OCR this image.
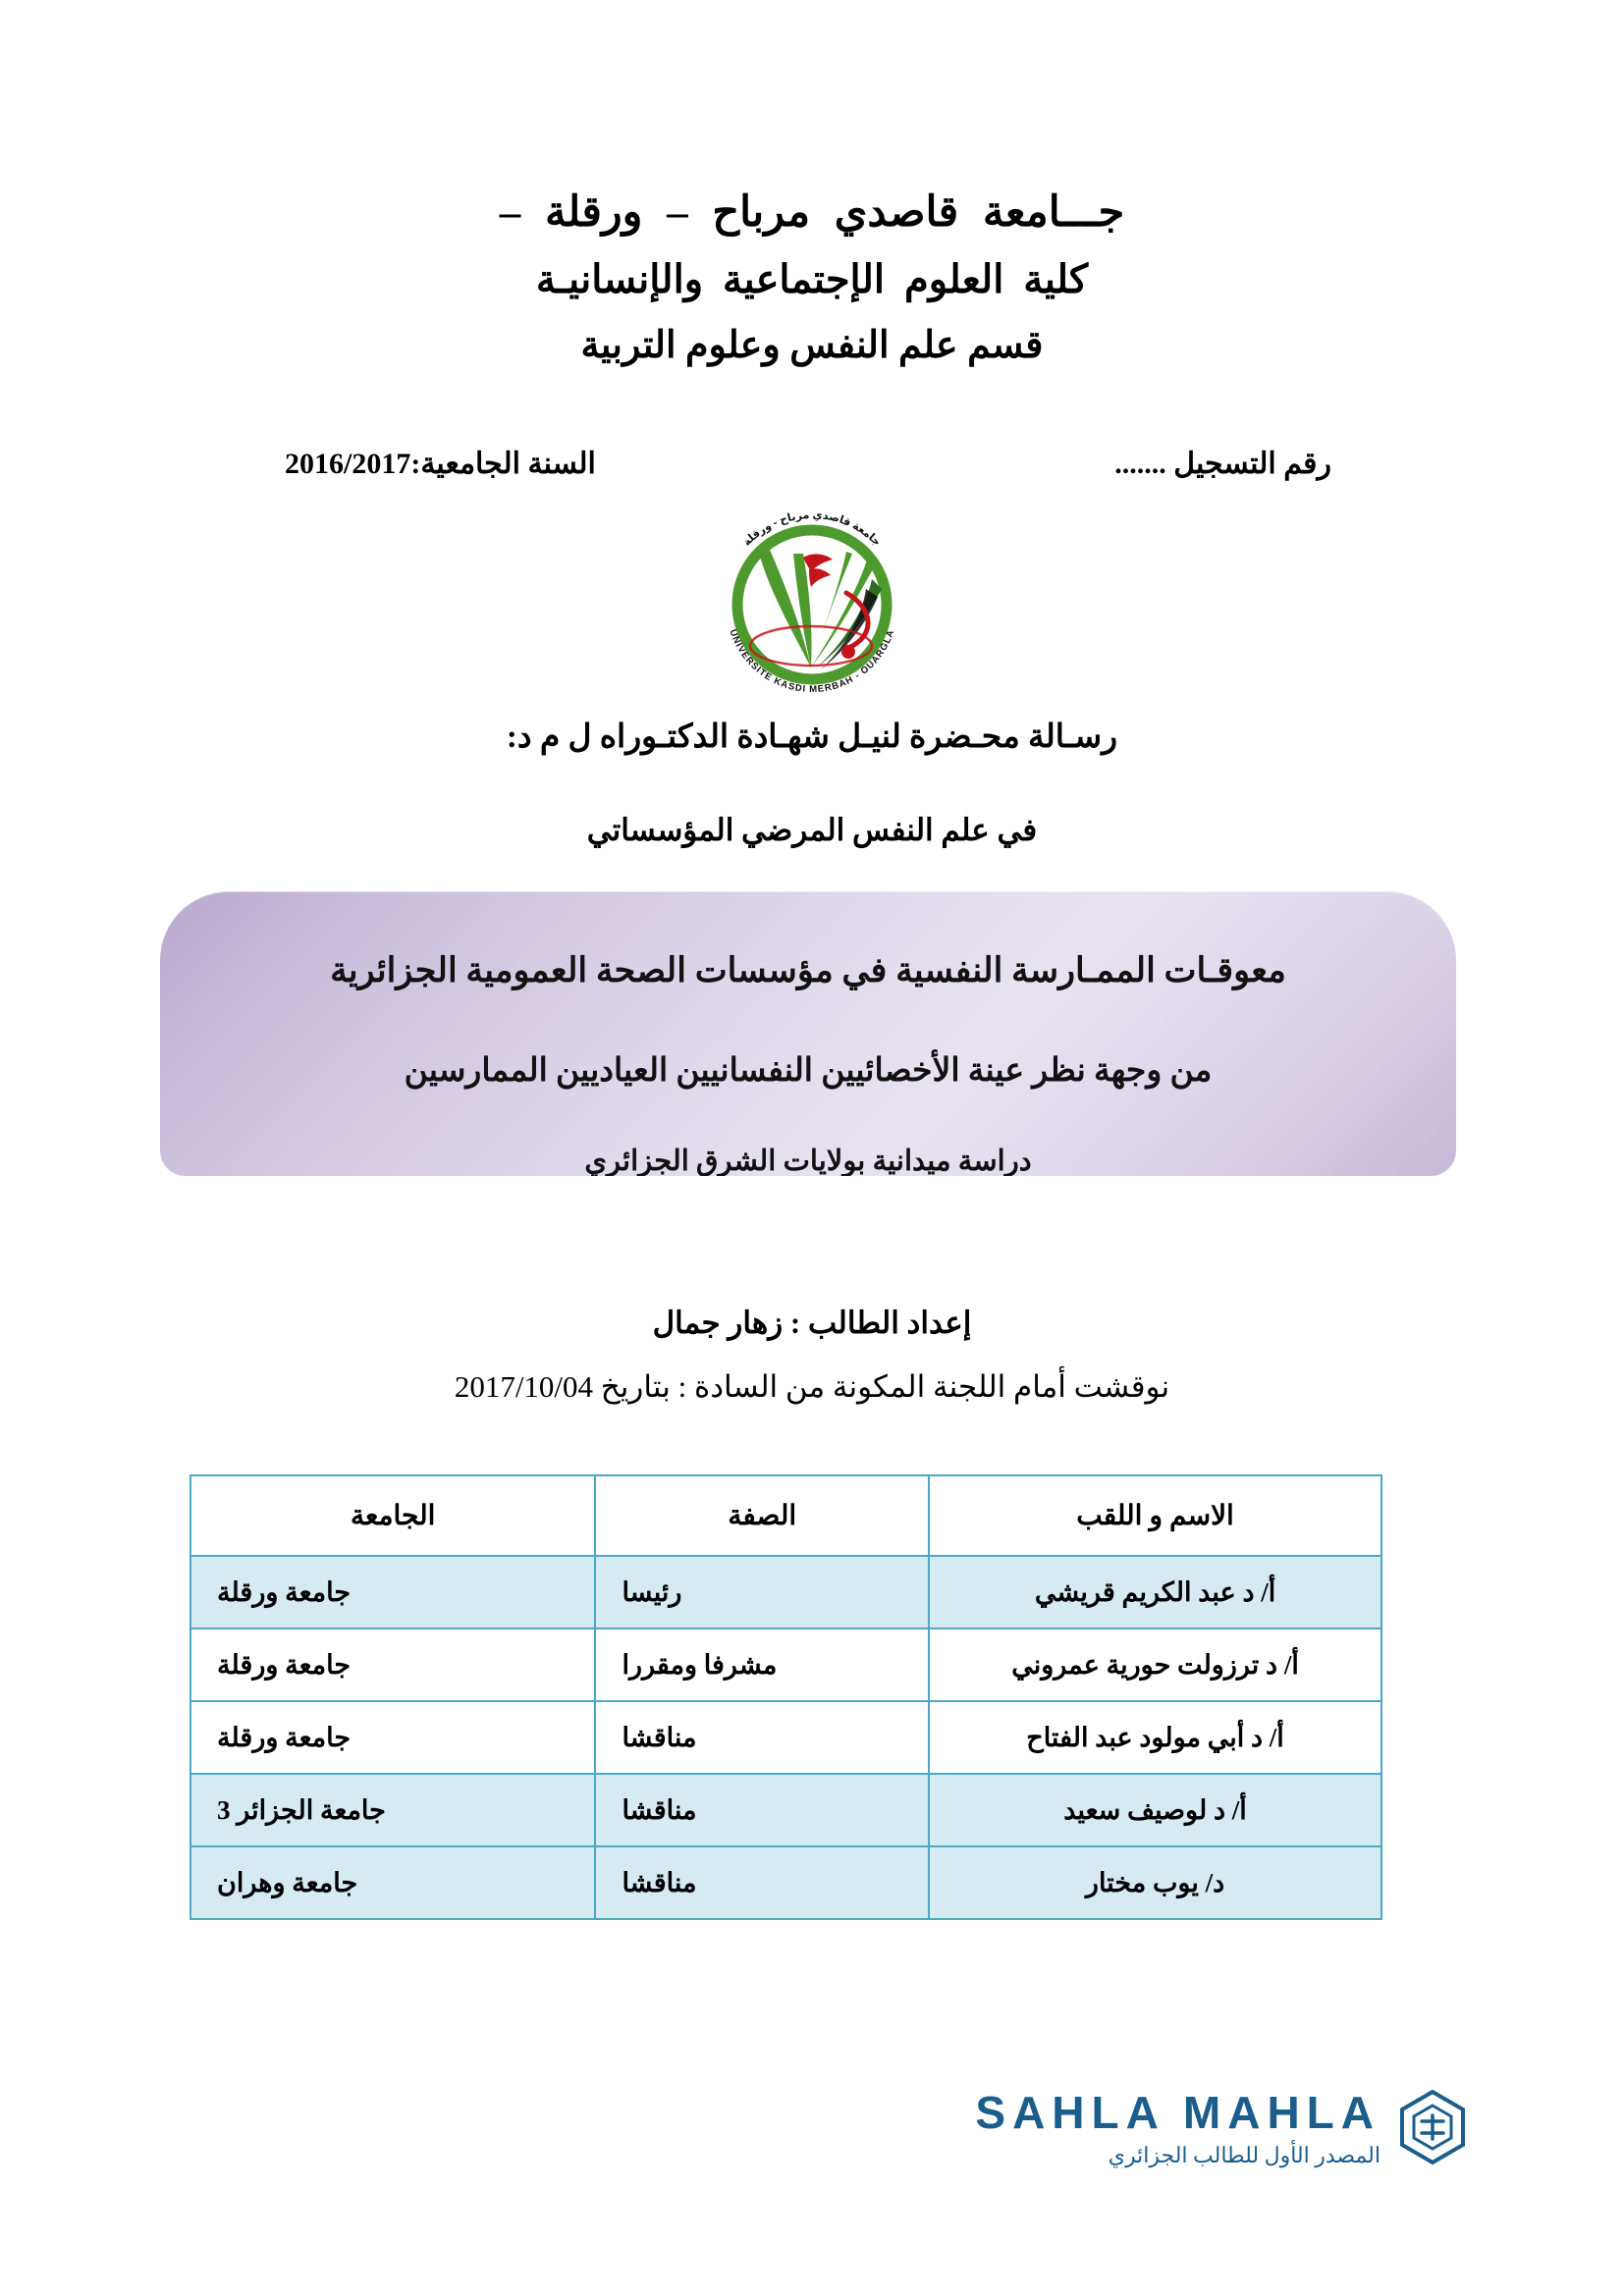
جـــامعة قاصدي مرباح – ورقلة –
كلية العلوم الإجتماعية والإنسانيـة
قسم علم النفس وعلوم التربية
رقم التسجيل .......
السنة الجامعية:2016/2017
جامعة قاصدي مرباح - ورقلة
UNIVERSITE KASDI MERBAH - OUARGLA
رسـالة محـضرة لنيـل شهـادة الدكتـوراه ل م د:
في علم النفس المرضي المؤسساتي
معوقـات الممـارسة النفسية في مؤسسات الصحة العمومية الجزائرية
من وجهة نظر عينة الأخصائيين النفسانيين العياديين الممارسين
دراسة ميدانية بولايات الشرق الجزائري
إعداد الطالب : زهار جمال
نوقشت أمام اللجنة المكونة من السادة : بتاريخ 2017/10/04
الاسم و اللقب	الصفة	الجامعة
أ/ د عبد الكريم قريشي	رئيسا	جامعة ورقلة
أ/ د ترزولت حورية عمروني	مشرفا ومقررا	جامعة ورقلة
أ/ د أبي مولود عبد الفتاح	مناقشا	جامعة ورقلة
أ/ د لوصيف سعيد	مناقشا	جامعة الجزائر 3
د/ يوب مختار	مناقشا	جامعة وهران
SAHLA MAHLA
المصدر الأول للطالب الجزائري
